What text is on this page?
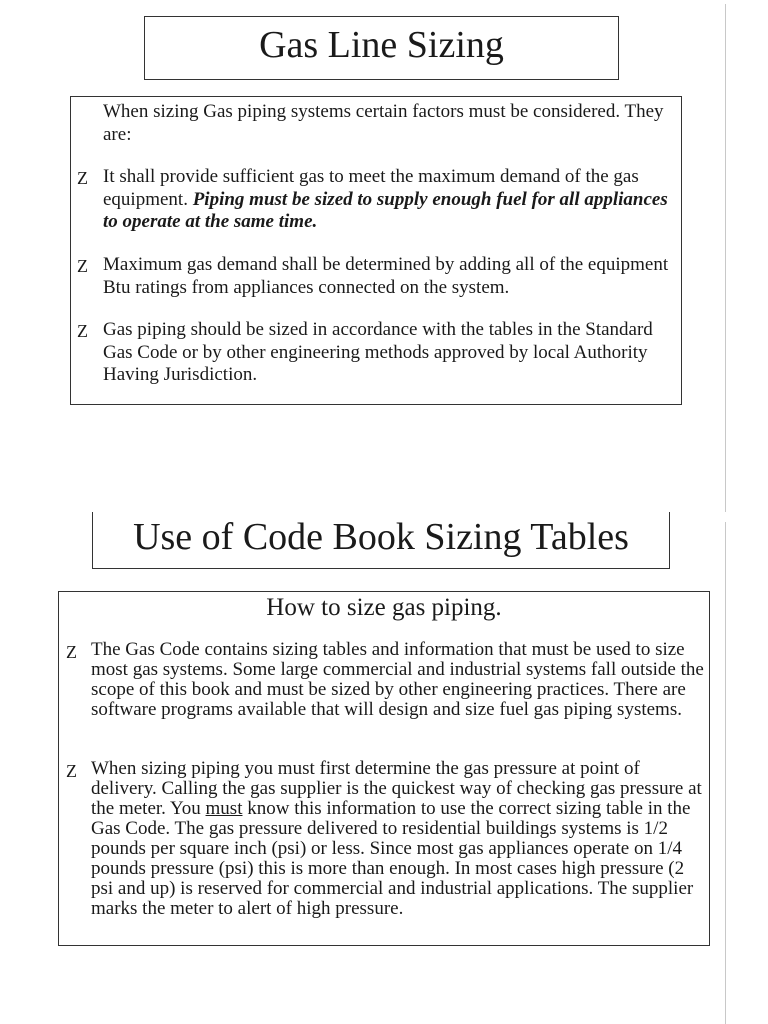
Gas Line Sizing

When sizing Gas piping systems certain factors must be considered. They are:

Z It shall provide sufficient gas to meet the maximum demand of the gas equipment. Piping must be sized to supply enough fuel for all appliances to operate at the same time.

Z Maximum gas demand shall be determined by adding all of the equipment Btu ratings from appliances connected on the system.

Z Gas piping should be sized in accordance with the tables in the Standard Gas Code or by other engineering methods approved by local Authority Having Jurisdiction.

Use of Code Book Sizing Tables

How to size gas piping.

Z The Gas Code contains sizing tables and information that must be used to size most gas systems. Some large commercial and industrial systems fall outside the scope of this book and must be sized by other engineering practices. There are software programs available that will design and size fuel gas piping systems.

Z When sizing piping you must first determine the gas pressure at point of delivery. Calling the gas supplier is the quickest way of checking gas pressure at the meter. You must know this information to use the correct sizing table in the Gas Code. The gas pressure delivered to residential buildings systems is 1/2 pounds per square inch (psi) or less. Since most gas appliances operate on 1/4 pounds pressure (psi) this is more than enough. In most cases high pressure (2 psi and up) is reserved for commercial and industrial applications. The supplier marks the meter to alert of high pressure.
